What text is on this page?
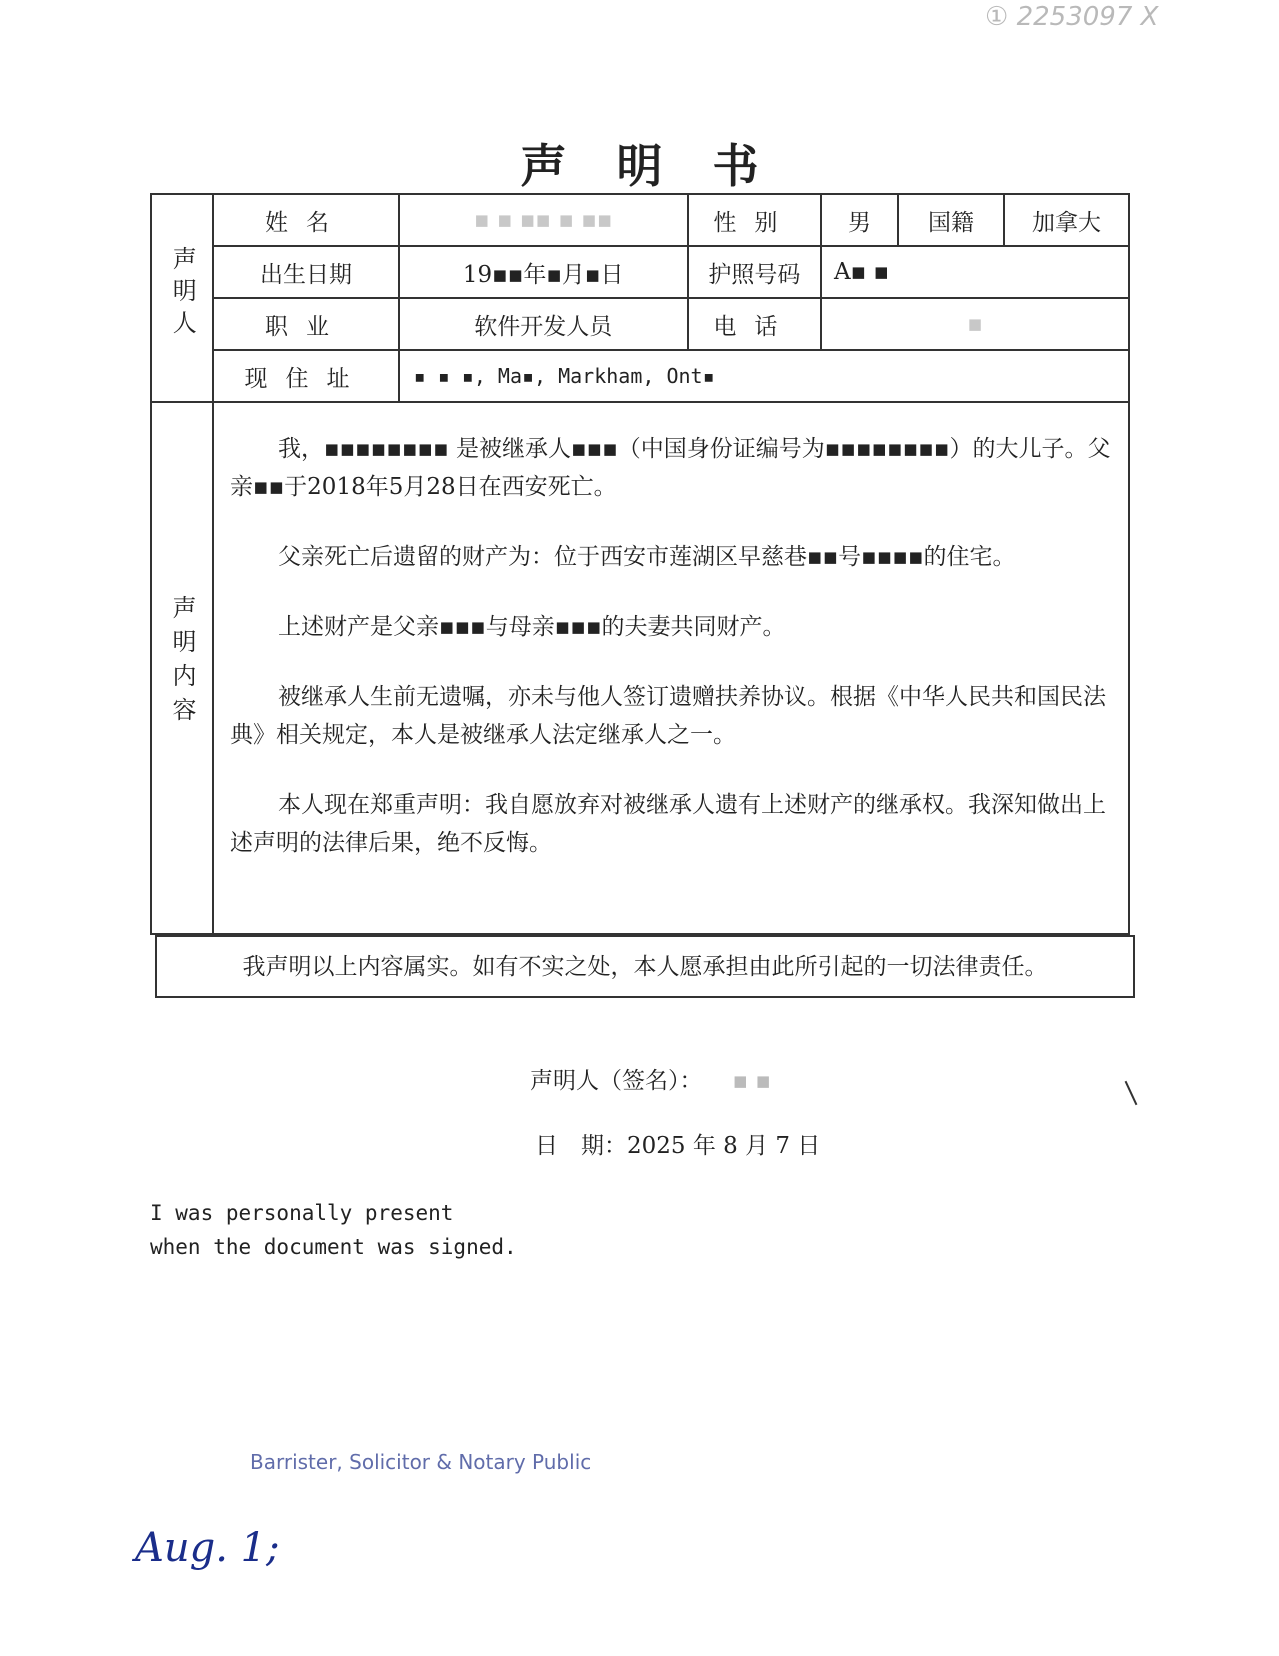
① 2253097 X
声明书
声明人	姓名	▪ ▪ ▪▪ ▪ ▪▪	性别	男	国籍	加拿大
	出生日期	19▪▪年▪月▪日	护照号码	A▪ ▪		
	职业	软件开发人员	电话	▪		
	现住址	▪ ▪ ▪, Ma▪, Markham, Ont▪				
声明内容

我，▪▪▪▪▪▪▪▪ 是被继承人▪▪▪（中国身份证编号为▪▪▪▪▪▪▪▪）的大儿子。父亲▪▪于2018年5月28日在西安死亡。

父亲死亡后遗留的财产为：位于西安市莲湖区早慈巷▪▪号▪▪▪▪的住宅。

上述财产是父亲▪▪▪与母亲▪▪▪的夫妻共同财产。

被继承人生前无遗嘱，亦未与他人签订遗赠扶养协议。根据《中华人民共和国民法典》相关规定，本人是被继承人法定继承人之一。

本人现在郑重声明：我自愿放弃对被继承人遗有上述财产的继承权。我深知做出上述声明的法律后果，绝不反悔。

我声明以上内容属实。如有不实之处，本人愿承担由此所引起的一切法律责任。
声明人（签名）： ▪ ▪
日　期：2025 年 8 月 7 日
I was personally present
when the document was signed.
Barrister, Solicitor & Notary Public
Aug. 1;
